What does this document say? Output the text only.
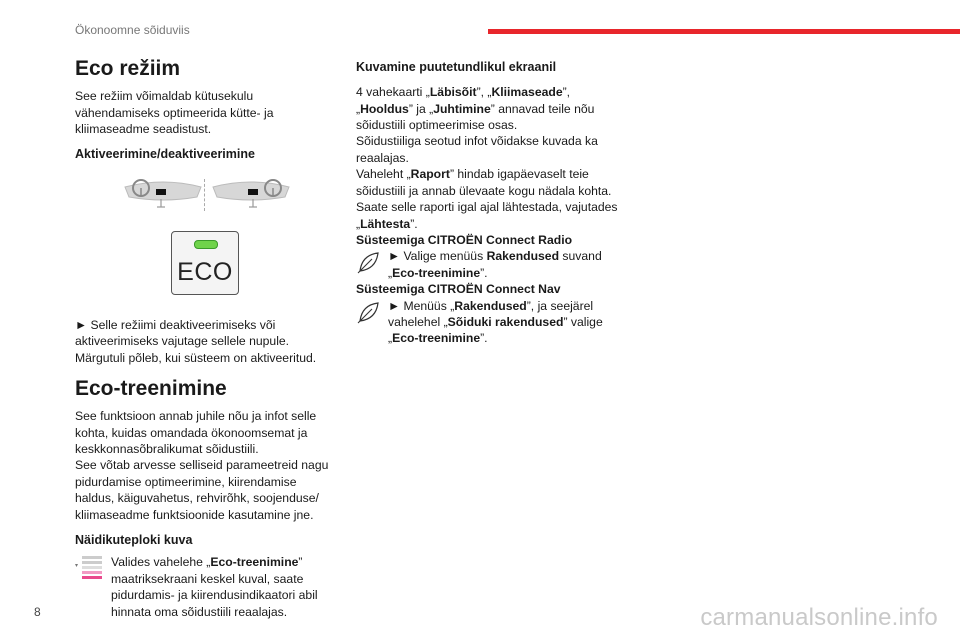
Ökonoomne sõiduviis
Eco režiim

See režiim võimaldab kütusekulu vähendamiseks optimeerida kütte- ja kliimaseadme seadistust.

Aktiveerimine/deaktiveerimine
ECO

► Selle režiimi deaktiveerimiseks või aktiveerimiseks vajutage sellele nupule. Märgutuli põleb, kui süsteem on aktiveeritud.

Eco-treenimine

See funktsioon annab juhile nõu ja infot selle kohta, kuidas omandada ökonoomsemat ja keskkonnasõbralikumat sõidustiili.

See võtab arvesse selliseid parameetreid nagu pidurdamise optimeerimine, kiirendamise haldus, käiguvahetus, rehvirõhk, soojenduse/ kliimaseadme funktsioonide kasutamine jne.

Näidikuteploki kuva
▾	Valides vahelehe „Eco-treenimine” maatriksekraani keskel kuval, saate pidurdamis- ja kiirendusindikaatori abil hinnata oma sõidustiili reaalajas.

Kuvamine puutetundlikul ekraanil

4 vahekaarti „Läbisõit”, „Kliimaseade”, „Hooldus” ja „Juhtimine” annavad teile nõu sõidustiili optimeerimise osas.

Sõidustiiliga seotud infot võidakse kuvada ka reaalajas.

Vaheleht „Raport” hindab igapäevaselt teie sõidustiili ja annab ülevaate kogu nädala kohta. Saate selle raporti igal ajal lähtestada, vajutades „Lähtesta”.

Süsteemiga CITROËN Connect Radio

► Valige menüüs Rakendused suvand „Eco-treenimine”.

Süsteemiga CITROËN Connect Nav

► Menüüs „Rakendused”, ja seejärel vahelehel „Sõiduki rakendused” valige „Eco-treenimine”.

8	carmanualsonline.info
